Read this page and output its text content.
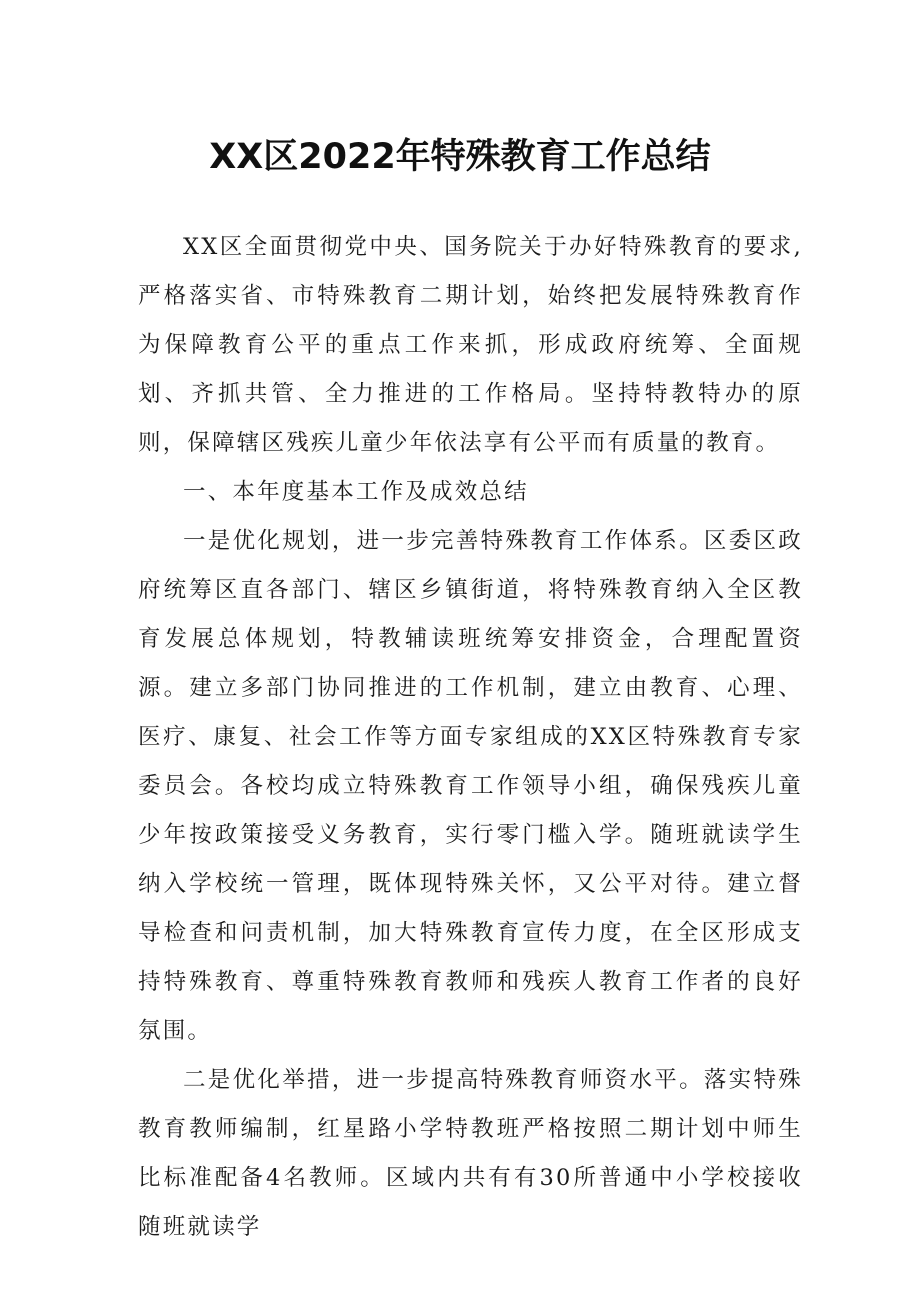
XX区2022年特殊教育工作总结

XX区全面贯彻党中央、国务院关于办好特殊教育的要求,严格落实省、市特殊教育二期计划，始终把发展特殊教育作为保障教育公平的重点工作来抓，形成政府统筹、全面规划、齐抓共管、全力推进的工作格局。坚持特教特办的原则，保障辖区残疾儿童少年依法享有公平而有质量的教育。

一、本年度基本工作及成效总结

一是优化规划，进一步完善特殊教育工作体系。区委区政府统筹区直各部门、辖区乡镇街道，将特殊教育纳入全区教育发展总体规划，特教辅读班统筹安排资金，合理配置资源。建立多部门协同推进的工作机制，建立由教育、心理、医疗、康复、社会工作等方面专家组成的XX区特殊教育专家委员会。各校均成立特殊教育工作领导小组，确保残疾儿童少年按政策接受义务教育，实行零门槛入学。随班就读学生纳入学校统一管理，既体现特殊关怀，又公平对待。建立督导检查和问责机制，加大特殊教育宣传力度，在全区形成支持特殊教育、尊重特殊教育教师和残疾人教育工作者的良好氛围。

二是优化举措，进一步提高特殊教育师资水平。落实特殊教育教师编制，红星路小学特教班严格按照二期计划中师生比标准配备4名教师。区域内共有有30所普通中小学校接收随班就读学
